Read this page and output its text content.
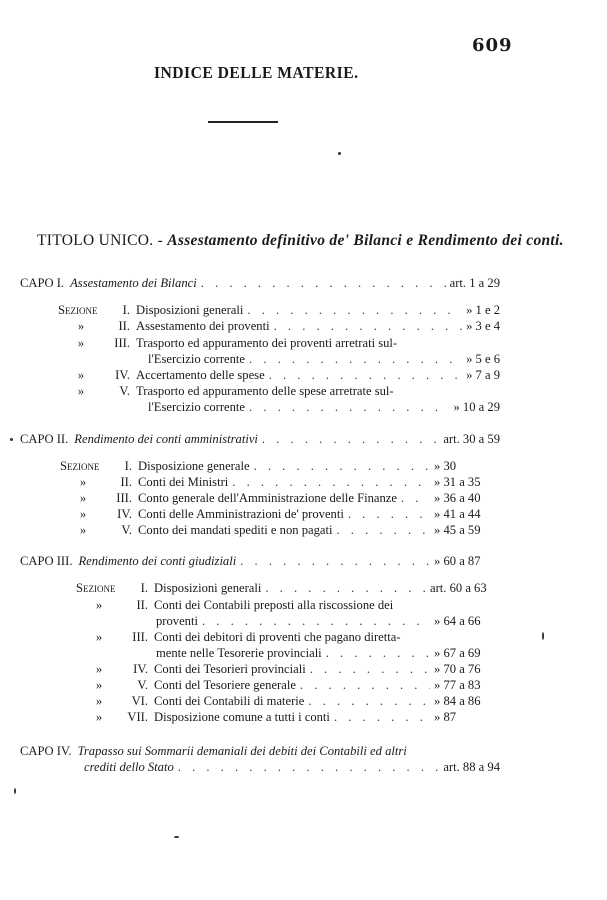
609
INDICE DELLE MATERIE.
TITOLO UNICO. - Assestamento definitivo de' Bilanci e Rendimento dei conti.
CAPO I. Assestamento dei Bilanci . . .	art. 1 a 29
Sezione	I. Disposizioni generali . . .	» 1 e 2
»	II. Assestamento dei proventi . . .	» 3 e 4
»	III. Trasporto ed appuramento dei proventi arretrati sul-
l'Esercizio corrente . . .	» 5 e 6
»	IV. Accertamento delle spese . . .	» 7 a 9
»	V. Trasporto ed appuramento delle spese arretrate sul-
l'Esercizio corrente . . .	» 10 a 29
CAPO II. Rendimento dei conti amministrativi . . .	art. 30 a 59
Sezione	I. Disposizione generale . . .	» 30
»	II. Conti dei Ministri . . .	» 31 a 35
»	III. Conto generale dell'Amministrazione delle Finanze . . .	» 36 a 40
»	IV. Conti delle Amministrazioni de' proventi . . .	» 41 a 44
»	V. Conto dei mandati spediti e non pagati . . .	» 45 a 59
CAPO III. Rendimento dei conti giudiziali . . .	» 60 a 87
Sezione	I. Disposizioni generali . . .	art. 60 a 63
»	II. Conti dei Contabili preposti alla riscossione dei
proventi . . .	» 64 a 66
»	III. Conti dei debitori di proventi che pagano diretta-
mente nelle Tesorerie provinciali . . .	» 67 a 69
»	IV. Conti dei Tesorieri provinciali . . .	» 70 a 76
»	V. Conti del Tesoriere generale . . .	» 77 a 83
»	VI. Conti dei Contabili di materie . . .	» 84 a 86
»	VII. Disposizione comune a tutti i conti . . .	» 87
CAPO IV. Trapasso sui Sommarii demaniali dei debiti dei Contabili ed altri
crediti dello Stato . . .	art. 88 a 94
